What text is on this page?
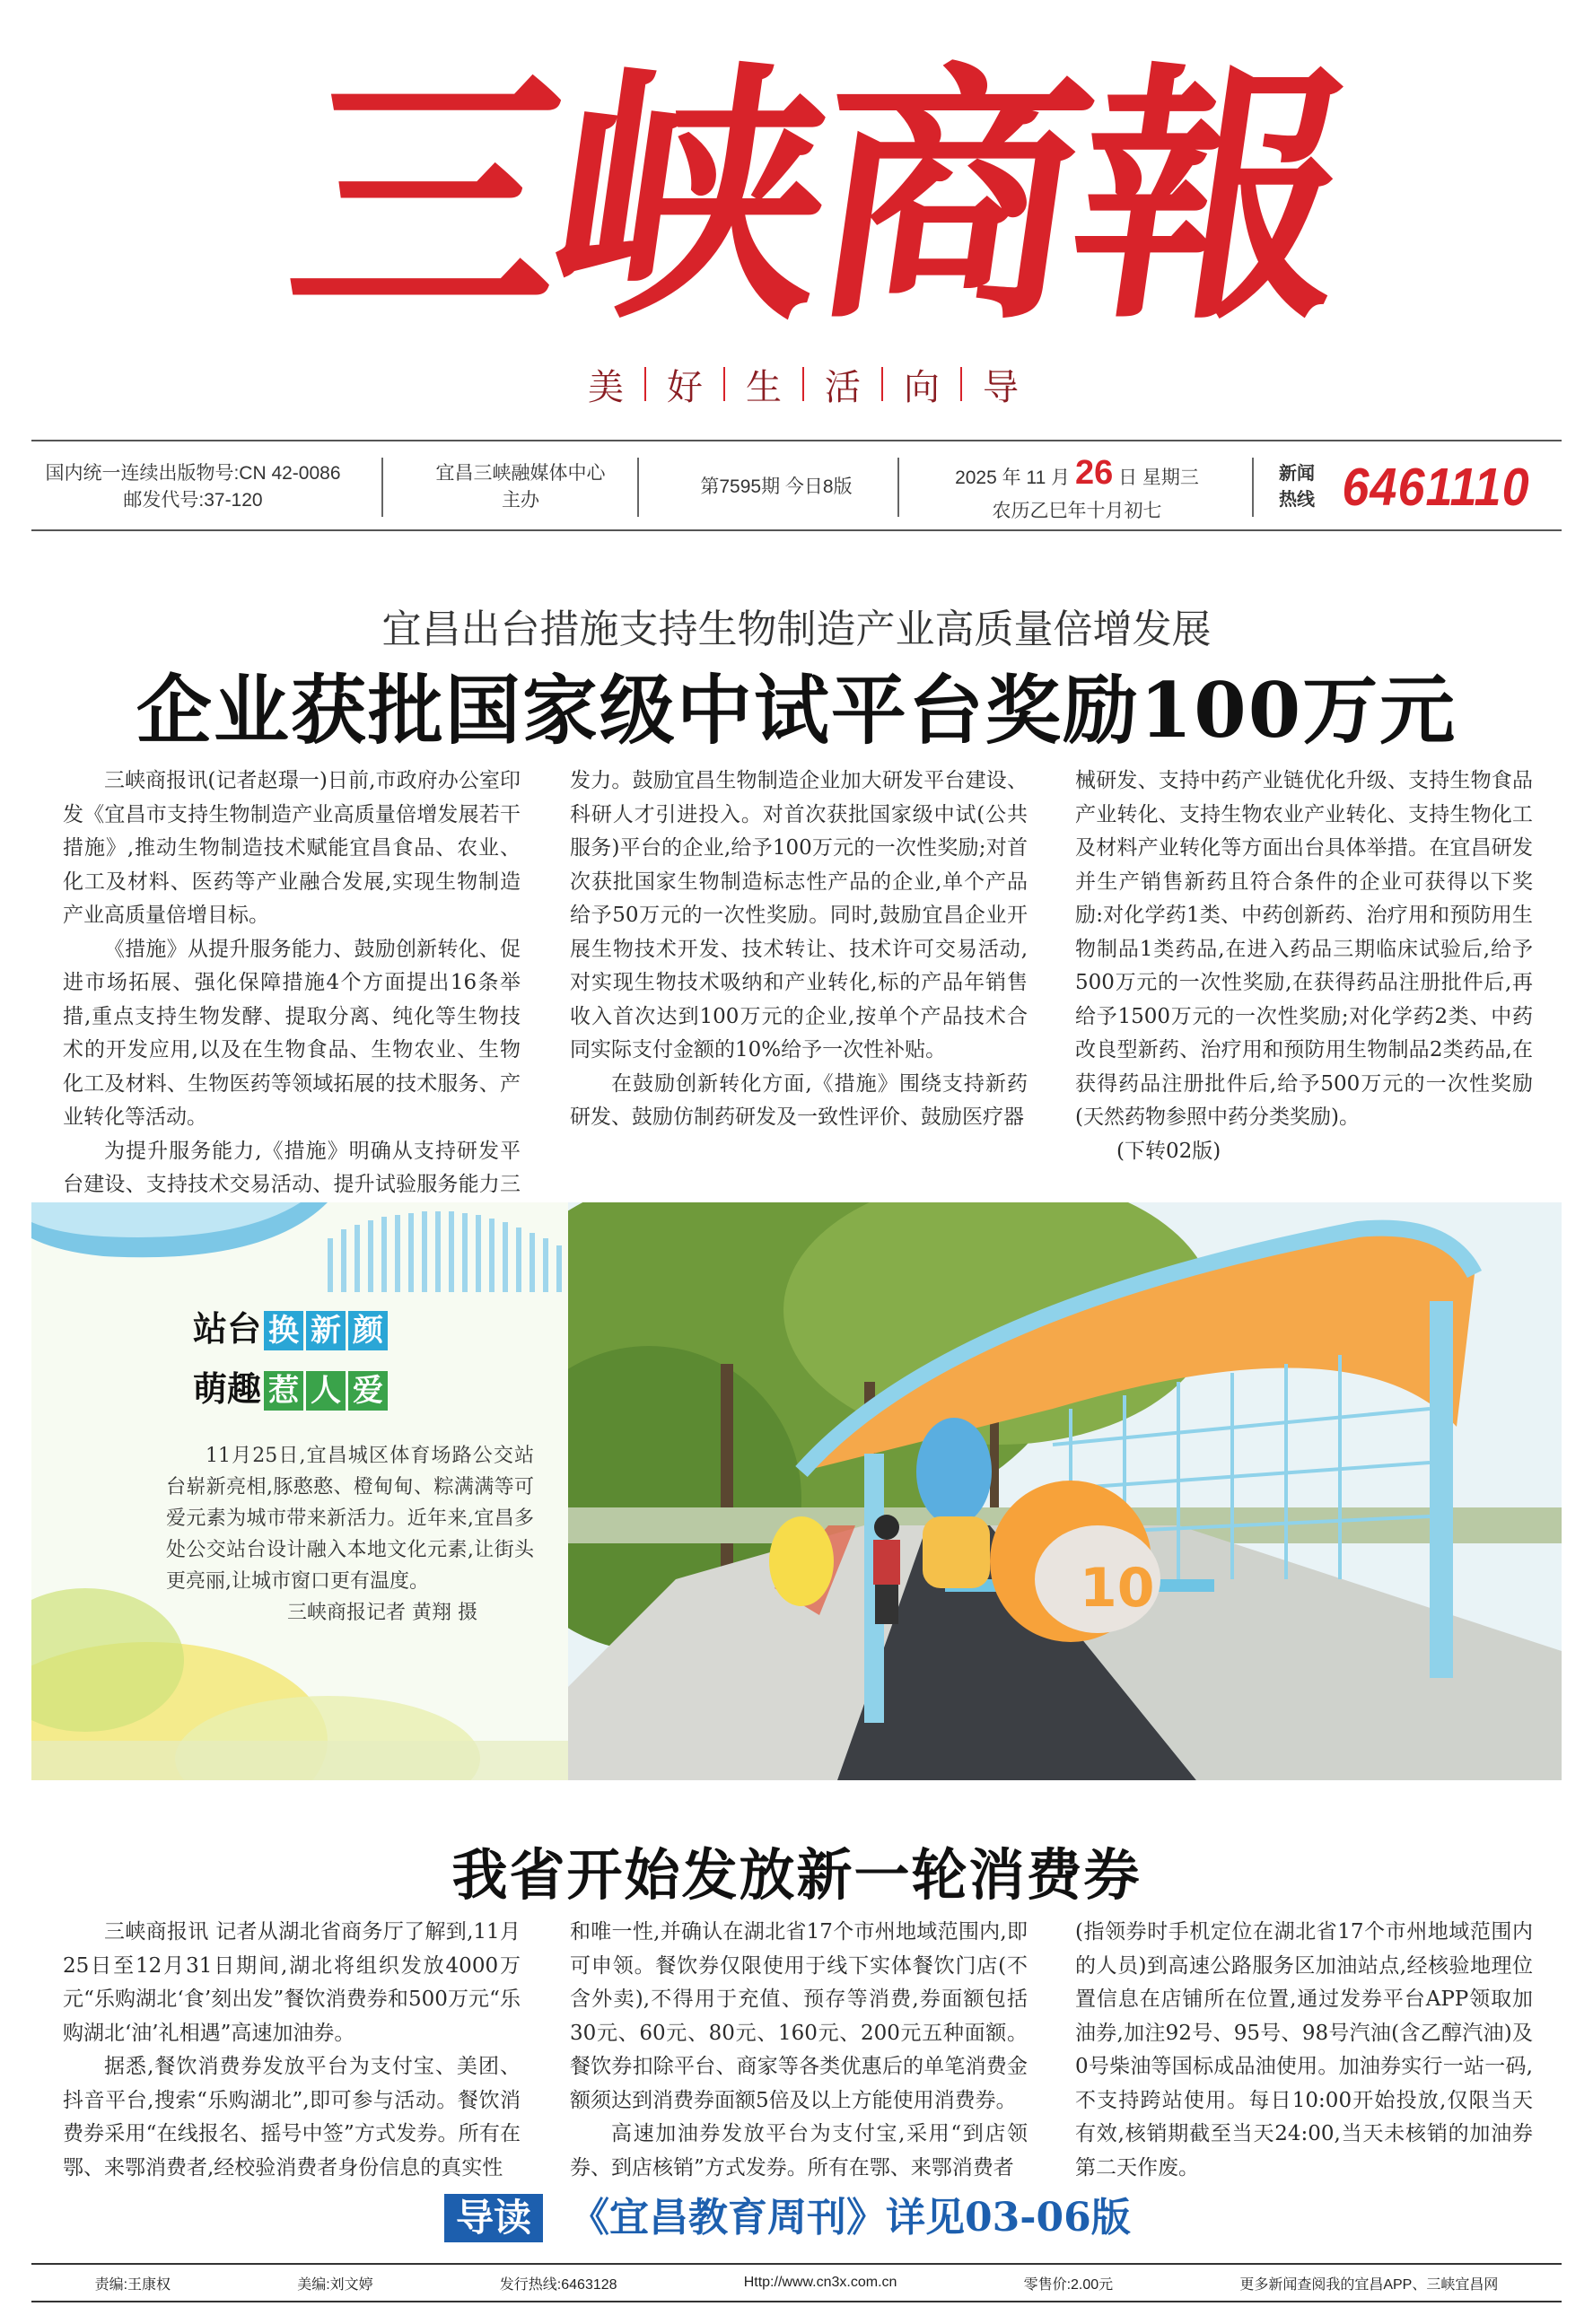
三
峡
商
報
美 好 生 活 向 导
国内统一连续出版物号:CN 42-0086
邮发代号:37-120
宜昌三峡融媒体中心
主办
第7595期 今日8版	2025 年 11 月 26 日 星期三
农历乙巳年十月初七
新闻
热线 6461110
宜昌出台措施支持生物制造产业高质量倍增发展
企业获批国家级中试平台奖励100万元

三峡商报讯(记者赵璟一)日前,市政府办公室印发《宜昌市支持生物制造产业高质量倍增发展若干措施》,推动生物制造技术赋能宜昌食品、农业、化工及材料、医药等产业融合发展,实现生物制造产业高质量倍增目标。

《措施》从提升服务能力、鼓励创新转化、促进市场拓展、强化保障措施4个方面提出16条举措,重点支持生物发酵、提取分离、纯化等生物技术的开发应用,以及在生物食品、生物农业、生物化工及材料、生物医药等领域拓展的技术服务、产业转化等活动。

为提升服务能力,《措施》明确从支持研发平台建设、支持技术交易活动、提升试验服务能力三

发力。鼓励宜昌生物制造企业加大研发平台建设、科研人才引进投入。对首次获批国家级中试(公共服务)平台的企业,给予100万元的一次性奖励;对首次获批国家生物制造标志性产品的企业,单个产品给予50万元的一次性奖励。同时,鼓励宜昌企业开展生物技术开发、技术转让、技术许可交易活动,对实现生物技术吸纳和产业转化,标的产品年销售收入首次达到100万元的企业,按单个产品技术合同实际支付金额的10%给予一次性补贴。

在鼓励创新转化方面,《措施》围绕支持新药研发、鼓励仿制药研发及一致性评价、鼓励医疗器

械研发、支持中药产业链优化升级、支持生物食品产业转化、支持生物农业产业转化、支持生物化工及材料产业转化等方面出台具体举措。在宜昌研发并生产销售新药且符合条件的企业可获得以下奖励:对化学药1类、中药创新药、治疗用和预防用生物制品1类药品,在进入药品三期临床试验后,给予500万元的一次性奖励,在获得药品注册批件后,再给予1500万元的一次性奖励;对化学药2类、中药改良型新药、治疗用和预防用生物制品2类药品,在获得药品注册批件后,给予500万元的一次性奖励(天然药物参照中药分类奖励)。

(下转02版)

站台 换 新 颜
萌趣 惹 人 爱
11月25日,宜昌城区体育场路公交站台崭新亮相,豚憨憨、橙甸甸、粽满满等可爱元素为城市带来新活力。近年来,宜昌多处公交站台设计融入本地文化元素,让街头更亮丽,让城市窗口更有温度。
三峡商报记者 黄翔 摄	10
我省开始发放新一轮消费券

三峡商报讯 记者从湖北省商务厅了解到,11月25日至12月31日期间,湖北将组织发放4000万元“乐购湖北‘食’刻出发”餐饮消费券和500万元“乐购湖北‘油’礼相遇”高速加油券。

据悉,餐饮消费券发放平台为支付宝、美团、抖音平台,搜索“乐购湖北”,即可参与活动。餐饮消费券采用“在线报名、摇号中签”方式发券。所有在鄂、来鄂消费者,经校验消费者身份信息的真实性

和唯一性,并确认在湖北省17个市州地域范围内,即可申领。餐饮券仅限使用于线下实体餐饮门店(不含外卖),不得用于充值、预存等消费,券面额包括30元、60元、80元、160元、200元五种面额。餐饮券扣除平台、商家等各类优惠后的单笔消费金额须达到消费券面额5倍及以上方能使用消费券。

高速加油券发放平台为支付宝,采用“到店领券、到店核销”方式发券。所有在鄂、来鄂消费者

(指领券时手机定位在湖北省17个市州地域范围内的人员)到高速公路服务区加油站点,经核验地理位置信息在店铺所在位置,通过发券平台APP领取加油券,加注92号、95号、98号汽油(含乙醇汽油)及0号柴油等国标成品油使用。加油券实行一站一码,不支持跨站使用。每日10:00开始投放,仅限当天有效,核销期截至当天24:00,当天未核销的加油券第二天作废。

导读 《宜昌教育周刊》详见03-06版
责编:王康权	美编:刘文婷	发行热线:6463128	Http://www.cn3x.com.cn	零售价:2.00元	更多新闻查阅我的宜昌APP、三峡宜昌网
